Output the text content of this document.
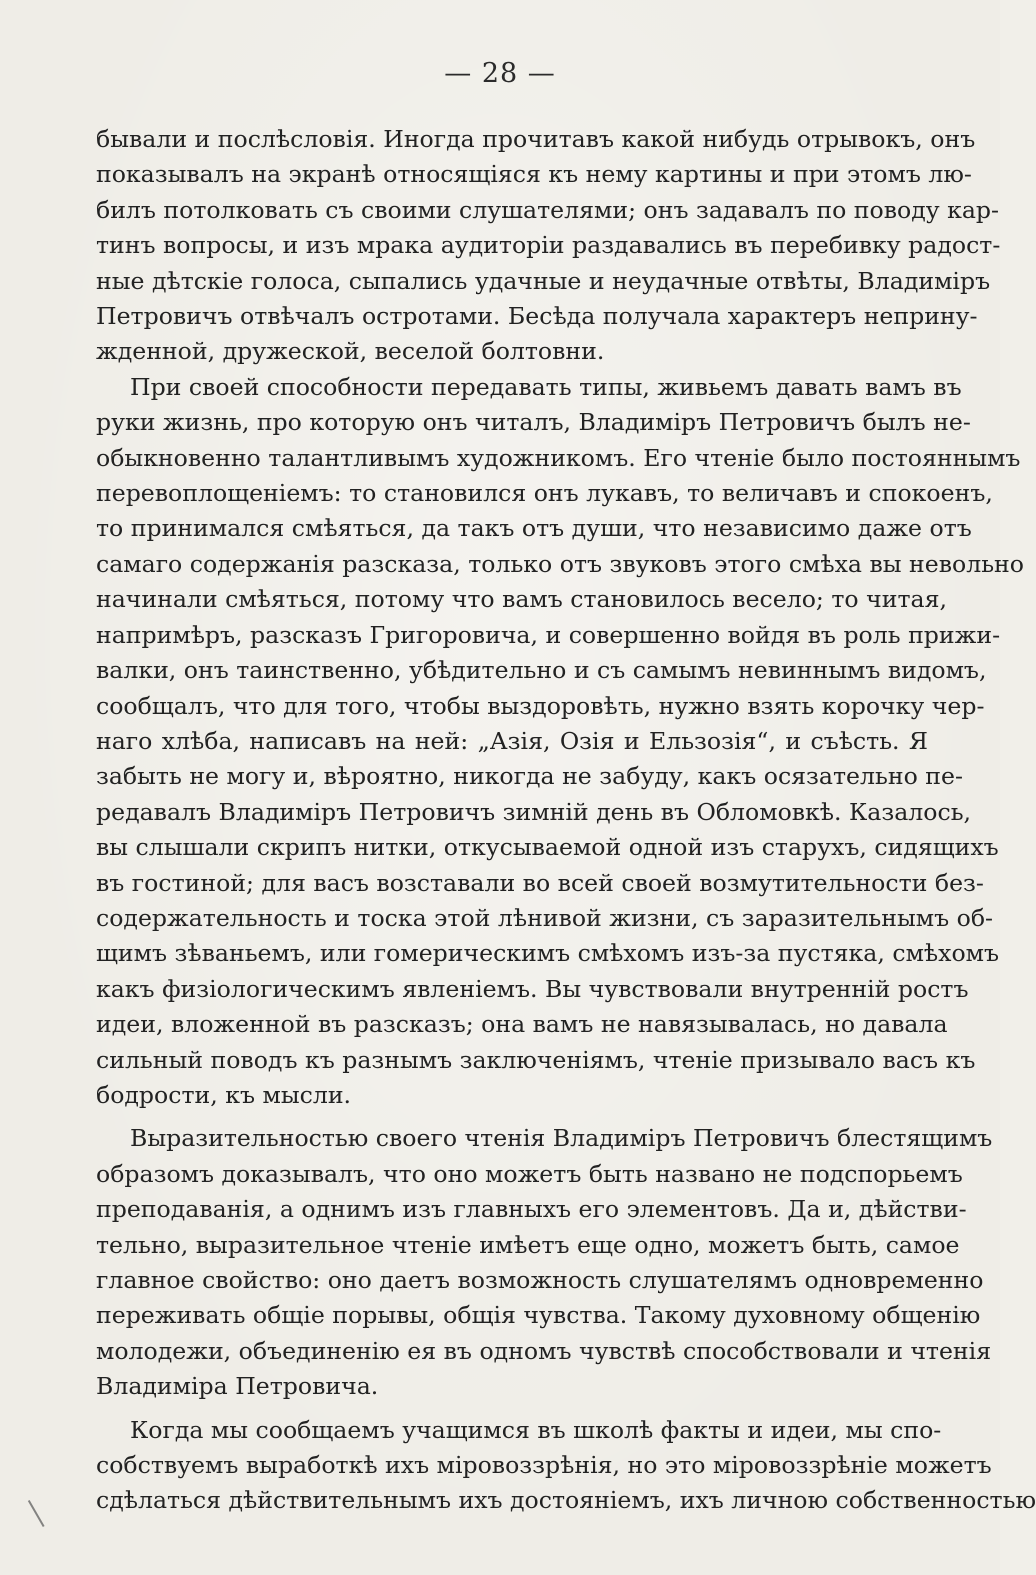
— 28 —
бывали и послѣсловія. Иногда прочитавъ какой нибудь отрывокъ, онъ
показывалъ на экранѣ относящіяся къ нему картины и при этомъ лю-
билъ потолковать съ своими слушателями; онъ задавалъ по поводу кар-
тинъ вопросы, и изъ мрака аудиторіи раздавались въ перебивку радост-
ные дѣтскіе голоса, сыпались удачные и неудачные отвѣты, Владиміръ
Петровичъ отвѣчалъ остротами. Бесѣда получала характеръ неприну-
жденной, дружеской, веселой болтовни.
При своей способности передавать типы, живьемъ давать вамъ въ
руки жизнь, про которую онъ читалъ, Владиміръ Петровичъ былъ не-
обыкновенно талантливымъ художникомъ. Его чтеніе было постояннымъ
перевоплощеніемъ: то становился онъ лукавъ, то величавъ и спокоенъ,
то принимался смѣяться, да такъ отъ души, что независимо даже отъ
самаго содержанія разсказа, только отъ звуковъ этого смѣха вы невольно
начинали смѣяться, потому что вамъ становилось весело; то читая,
напримѣръ, разсказъ Григоровича, и совершенно войдя въ роль прижи-
валки, онъ таинственно, убѣдительно и съ самымъ невиннымъ видомъ,
сообщалъ, что для того, чтобы выздоровѣть, нужно взять корочку чер-
наго хлѣба, написавъ на ней: „Азія, Озія и Ельзозія“, и съѣсть. Я
забыть не могу и, вѣроятно, никогда не забуду, какъ осязательно пе-
редавалъ Владиміръ Петровичъ зимній день въ Обломовкѣ. Казалось,
вы слышали скрипъ нитки, откусываемой одной изъ старухъ, сидящихъ
въ гостиной; для васъ возставали во всей своей возмутительности без-
содержательность и тоска этой лѣнивой жизни, съ заразительнымъ об-
щимъ зѣваньемъ, или гомерическимъ смѣхомъ изъ-за пустяка, смѣхомъ
какъ физіологическимъ явленіемъ. Вы чувствовали внутренній ростъ
идеи, вложенной въ разсказъ; она вамъ не навязывалась, но давала
сильный поводъ къ разнымъ заключеніямъ, чтеніе призывало васъ къ
бодрости, къ мысли.
Выразительностью своего чтенія Владиміръ Петровичъ блестящимъ
образомъ доказывалъ, что оно можетъ быть названо не подспорьемъ
преподаванія, а однимъ изъ главныхъ его элементовъ. Да и, дѣйстви-
тельно, выразительное чтеніе имѣетъ еще одно, можетъ быть, самое
главное свойство: оно даетъ возможность слушателямъ одновременно
переживать общіе порывы, общія чувства. Такому духовному общенію
молодежи, объединенію ея въ одномъ чувствѣ способствовали и чтенія
Владиміра Петровича.
Когда мы сообщаемъ учащимся въ школѣ факты и идеи, мы спо-
собствуемъ выработкѣ ихъ міровоззрѣнія, но это міровоззрѣніе можетъ
сдѣлаться дѣйствительнымъ ихъ достояніемъ, ихъ личною собственностью
